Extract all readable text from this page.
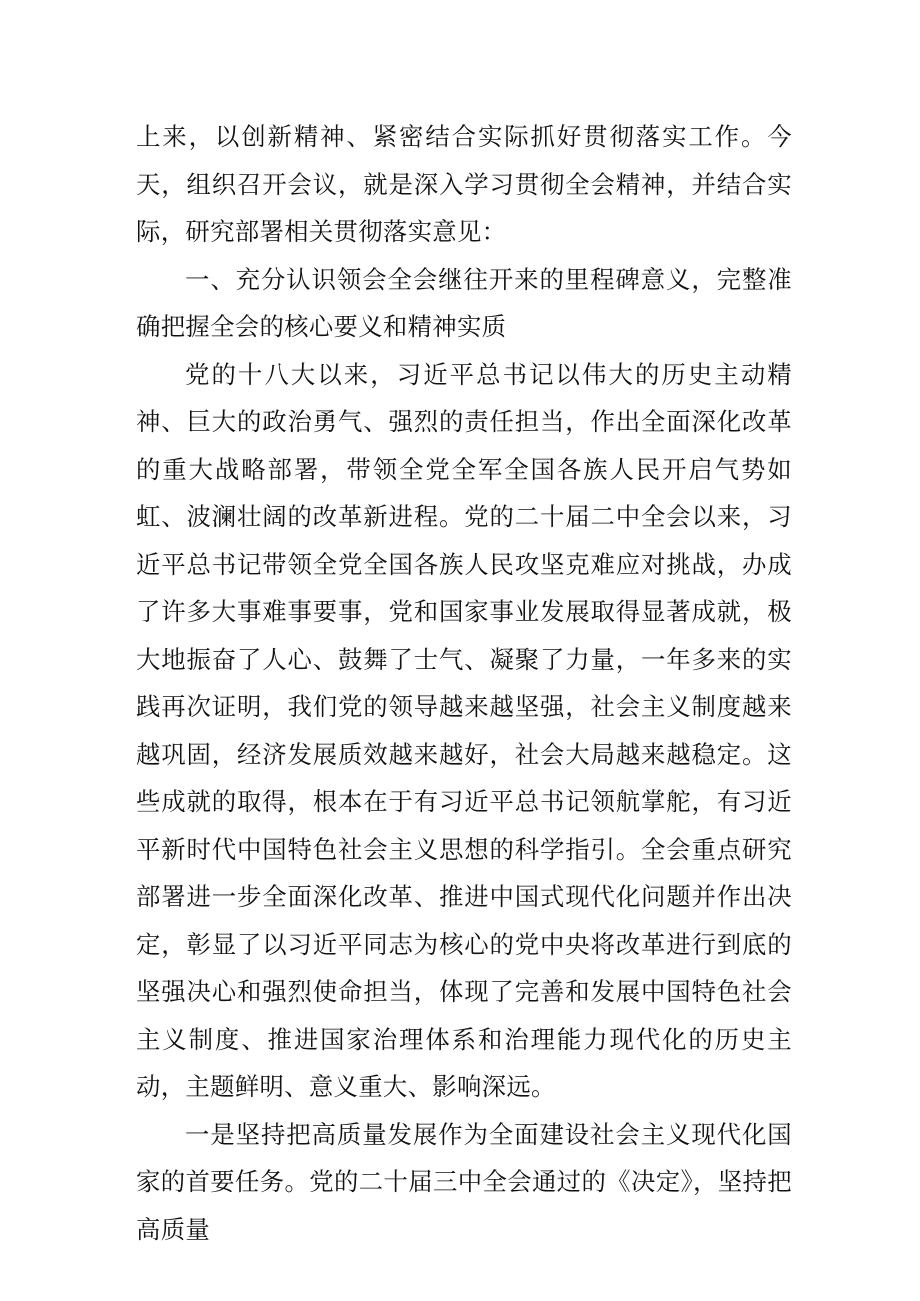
上来，以创新精神、紧密结合实际抓好贯彻落实工作。今天，组织召开会议，就是深入学习贯彻全会精神，并结合实际，研究部署相关贯彻落实意见：

一、充分认识领会全会继往开来的里程碑意义，完整准确把握全会的核心要义和精神实质

党的十八大以来，习近平总书记以伟大的历史主动精神、巨大的政治勇气、强烈的责任担当，作出全面深化改革的重大战略部署，带领全党全军全国各族人民开启气势如虹、波澜壮阔的改革新进程。党的二十届二中全会以来，习近平总书记带领全党全国各族人民攻坚克难应对挑战，办成了许多大事难事要事，党和国家事业发展取得显著成就，极大地振奋了人心、鼓舞了士气、凝聚了力量，一年多来的实践再次证明，我们党的领导越来越坚强，社会主义制度越来越巩固，经济发展质效越来越好，社会大局越来越稳定。这些成就的取得，根本在于有习近平总书记领航掌舵，有习近平新时代中国特色社会主义思想的科学指引。全会重点研究部署进一步全面深化改革、推进中国式现代化问题并作出决定，彰显了以习近平同志为核心的党中央将改革进行到底的坚强决心和强烈使命担当，体现了完善和发展中国特色社会主义制度、推进国家治理体系和治理能力现代化的历史主动，主题鲜明、意义重大、影响深远。

一是坚持把高质量发展作为全面建设社会主义现代化国家的首要任务。党的二十届三中全会通过的《决定》，坚持把高质量
